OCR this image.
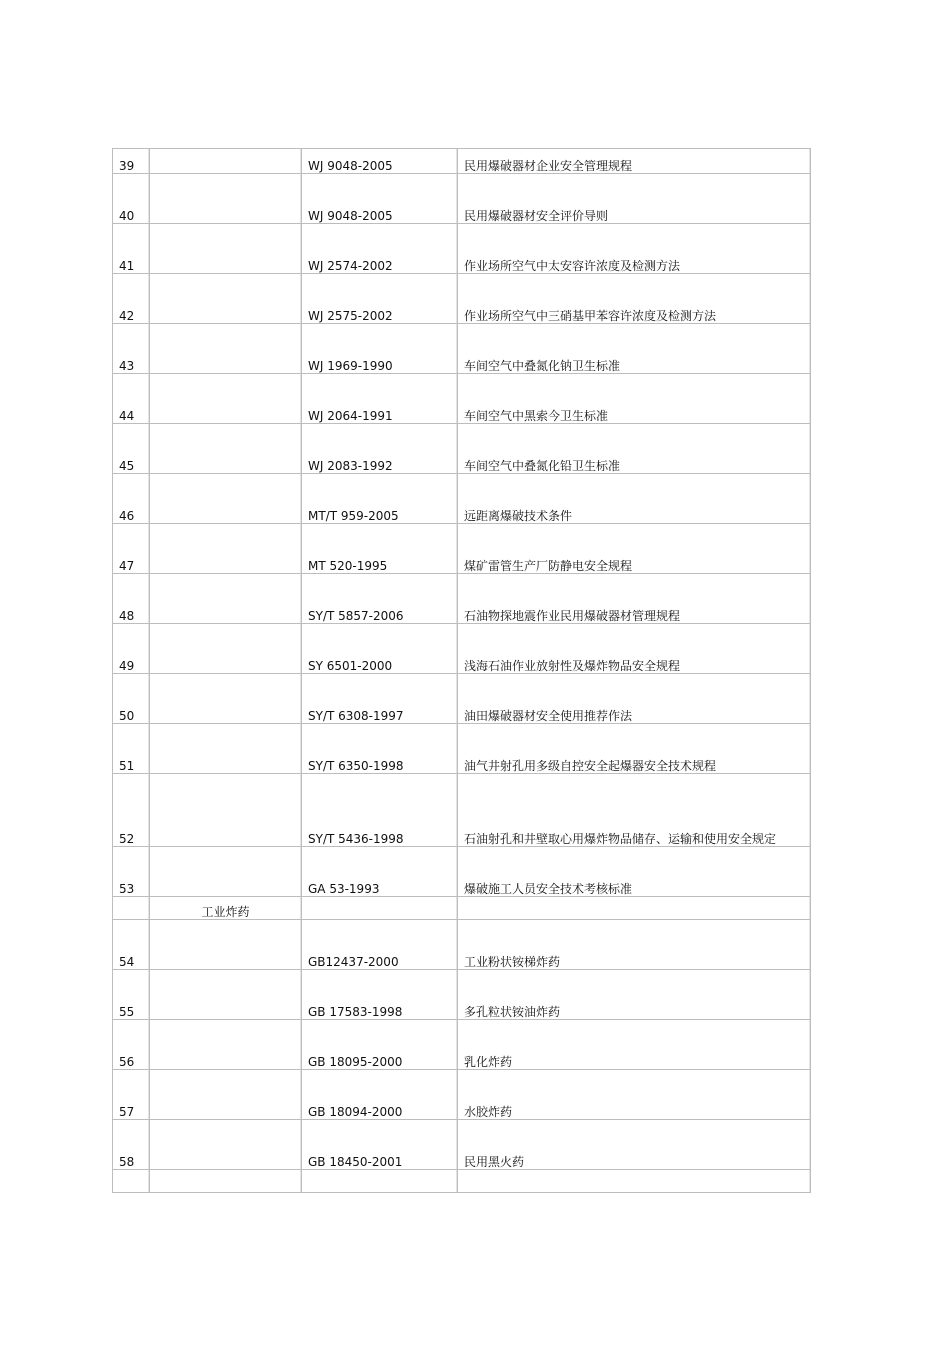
39		WJ 9048-2005	民用爆破器材企业安全管理规程
40		WJ 9048-2005	民用爆破器材安全评价导则
41		WJ 2574-2002	作业场所空气中太安容许浓度及检测方法
42		WJ 2575-2002	作业场所空气中三硝基甲苯容许浓度及检测方法
43		WJ 1969-1990	车间空气中叠氮化钠卫生标准
44		WJ 2064-1991	车间空气中黑索今卫生标准
45		WJ 2083-1992	车间空气中叠氮化铅卫生标准
46		MT/T 959-2005	远距离爆破技术条件
47		MT 520-1995	煤矿雷管生产厂防静电安全规程
48		SY/T 5857-2006	石油物探地震作业民用爆破器材管理规程
49		SY 6501-2000	浅海石油作业放射性及爆炸物品安全规程
50		SY/T 6308-1997	油田爆破器材安全使用推荐作法
51		SY/T 6350-1998	油气井射孔用多级自控安全起爆器安全技术规程
52		SY/T 5436-1998	石油射孔和井壁取心用爆炸物品储存、运输和使用安全规定
53		GA 53-1993	爆破施工人员安全技术考核标准
	工业炸药		
54		GB12437-2000	工业粉状铵梯炸药
55		GB 17583-1998	多孔粒状铵油炸药
56		GB 18095-2000	乳化炸药
57		GB 18094-2000	水胶炸药
58		GB 18450-2001	民用黑火药
